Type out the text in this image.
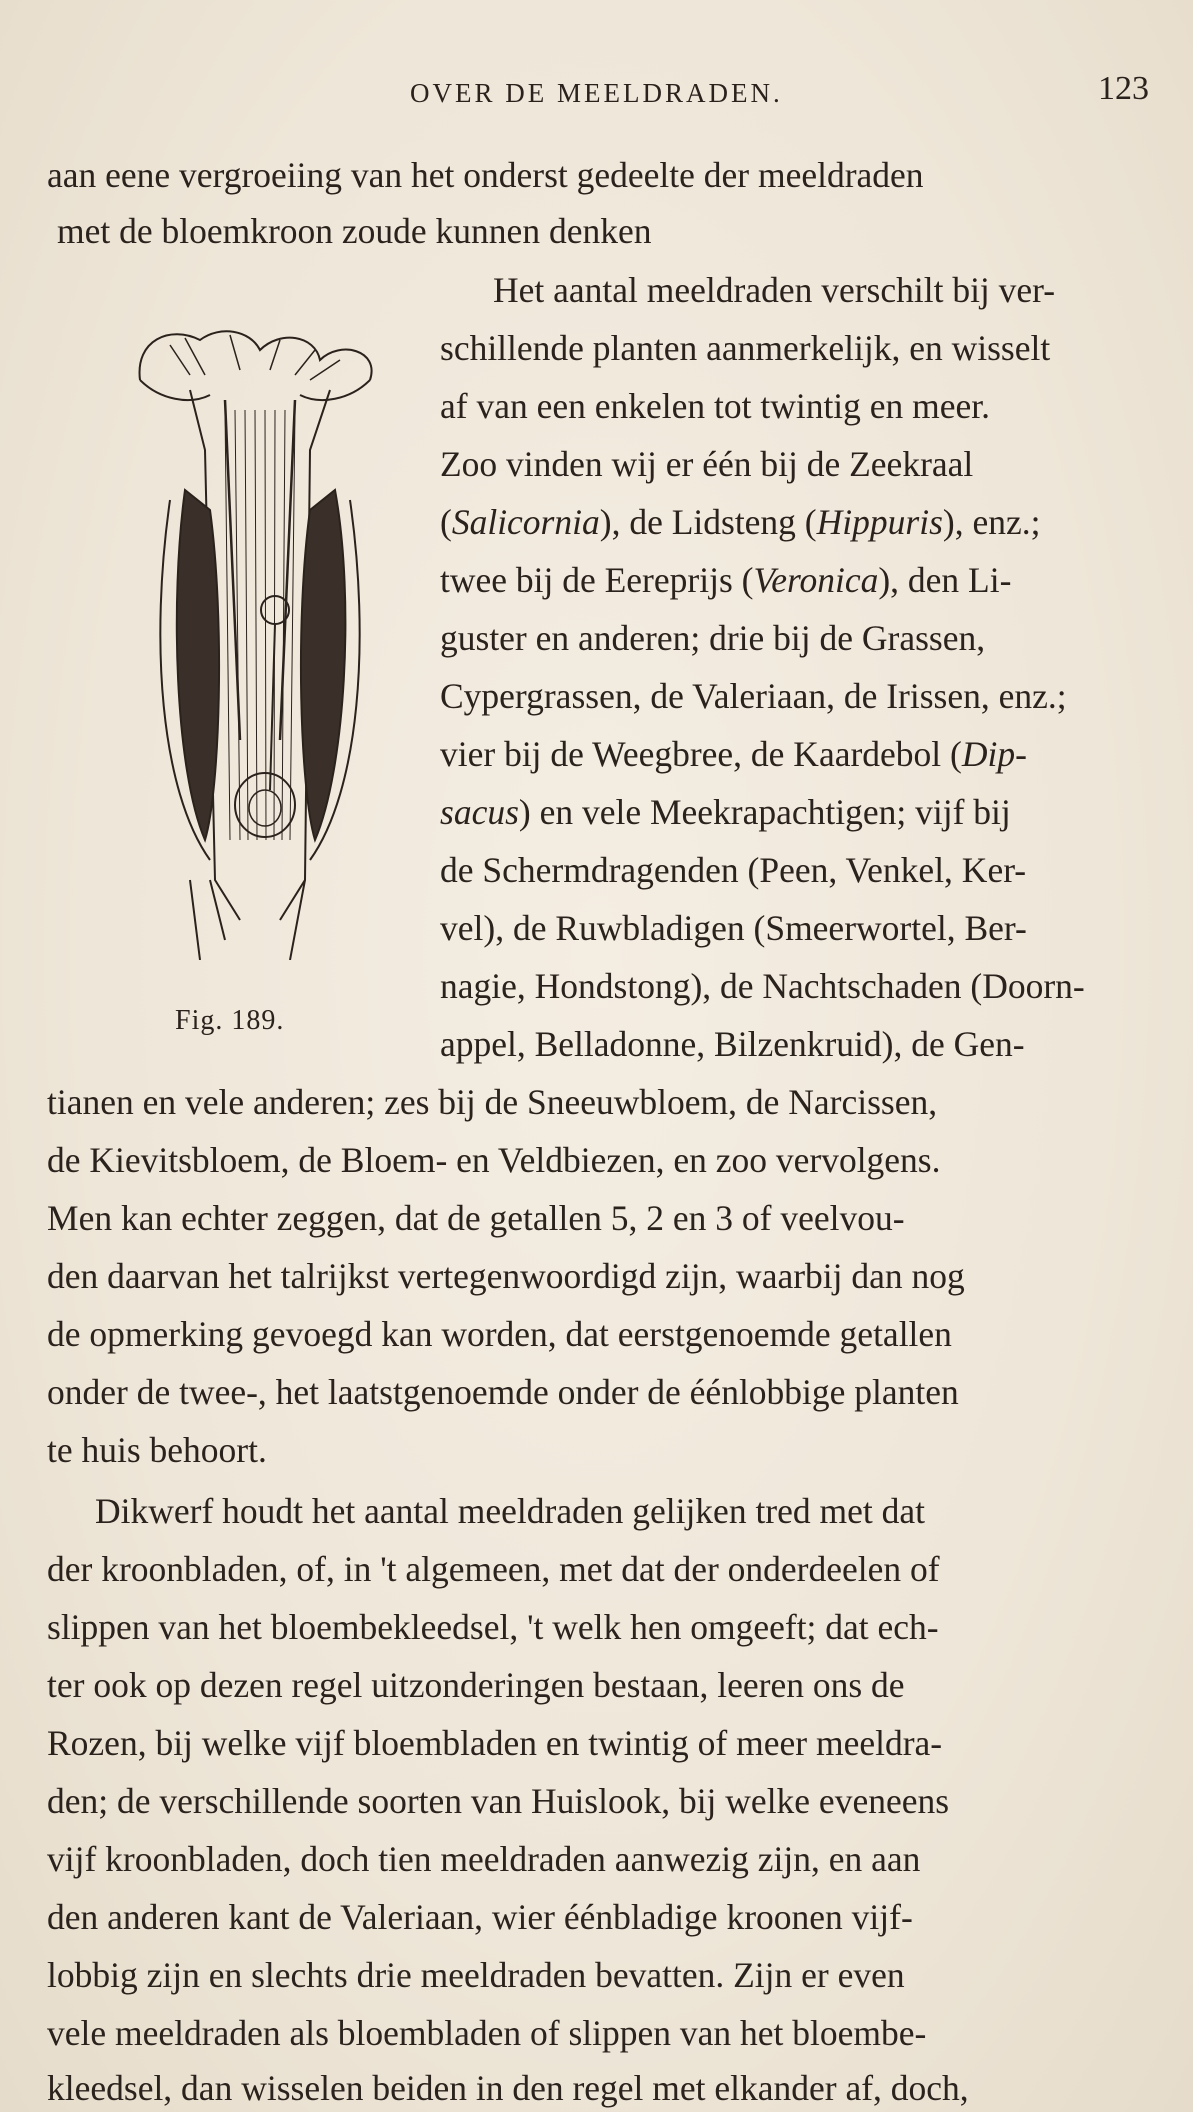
OVER DE MEELDRADEN.	123
aan eene vergroeiing van het onderst gedeelte der meeldraden
met de bloemkroon zoude kunnen denken
Het aantal meeldraden verschilt bij ver-
schillende planten aanmerkelijk, en wisselt
af van een enkelen tot twintig en meer.
Zoo vinden wij er één bij de Zeekraal
(Salicornia), de Lidsteng (Hippuris), enz.;
twee bij de Eereprijs (Veronica), den Li-
guster en anderen; drie bij de Grassen,
Cypergrassen, de Valeriaan, de Irissen, enz.;
vier bij de Weegbree, de Kaardebol (Dip-
sacus) en vele Meekrapachtigen; vijf bij
de Schermdragenden (Peen, Venkel, Ker-
vel), de Ruwbladigen (Smeerwortel, Ber-
nagie, Hondstong), de Nachtschaden (Doorn-
appel, Belladonne, Bilzenkruid), de Gen-
tianen en vele anderen; zes bij de Sneeuwbloem, de Narcissen,
de Kievitsbloem, de Bloem- en Veldbiezen, en zoo vervolgens.
Men kan echter zeggen, dat de getallen 5, 2 en 3 of veelvou-
den daarvan het talrijkst vertegenwoordigd zijn, waarbij dan nog
de opmerking gevoegd kan worden, dat eerstgenoemde getallen
onder de twee-, het laatstgenoemde onder de éénlobbige planten
te huis behoort.
Dikwerf houdt het aantal meeldraden gelijken tred met dat
der kroonbladen, of, in 't algemeen, met dat der onderdeelen of
slippen van het bloembekleedsel, 't welk hen omgeeft; dat ech-
ter ook op dezen regel uitzonderingen bestaan, leeren ons de
Rozen, bij welke vijf bloembladen en twintig of meer meeldra-
den; de verschillende soorten van Huislook, bij welke eveneens
vijf kroonbladen, doch tien meeldraden aanwezig zijn, en aan
den anderen kant de Valeriaan, wier éénbladige kroonen vijf-
lobbig zijn en slechts drie meeldraden bevatten. Zijn er even
vele meeldraden als bloembladen of slippen van het bloembe-
kleedsel, dan wisselen beiden in den regel met elkander af, doch,
Fig. 189.
